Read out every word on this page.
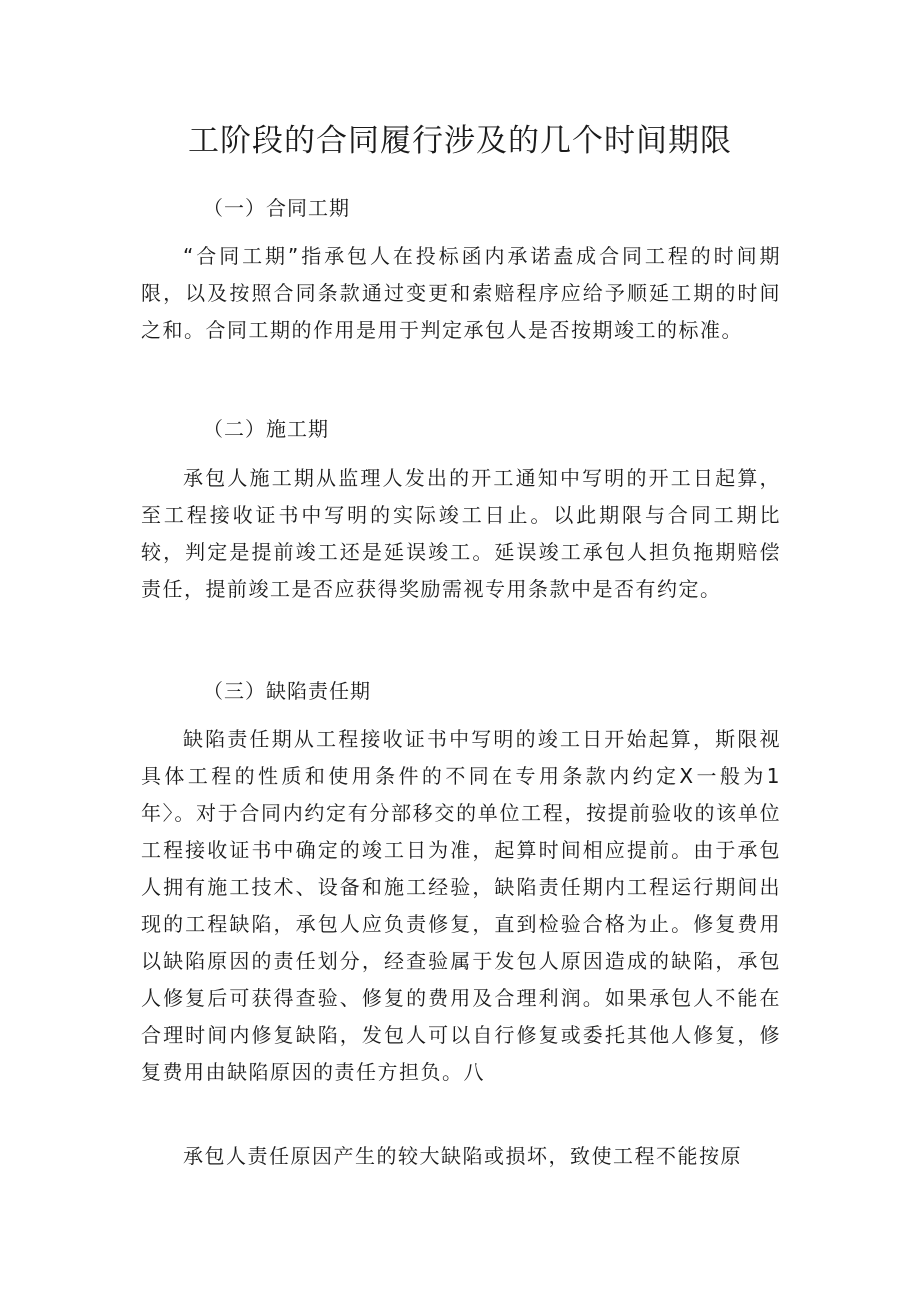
工阶段的合同履行涉及的几个时间期限

（一）合同工期

“合同工期”指承包人在投标函内承诺盍成合同工程的时间期限，以及按照合同条款通过变更和索赔程序应给予顺延工期的时间之和。合同工期的作用是用于判定承包人是否按期竣工的标准。

（二）施工期

承包人施工期从监理人发出的开工通知中写明的开工日起算，至工程接收证书中写明的实际竣工日止。以此期限与合同工期比较，判定是提前竣工还是延误竣工。延误竣工承包人担负拖期赔偿责任，提前竣工是否应获得奖励需视专用条款中是否有约定。

（三）缺陷责任期

缺陷责任期从工程接收证书中写明的竣工日开始起算，斯限视具体工程的性质和使用条件的不同在专用条款内约定X一般为1年〉。对于合同内约定有分部移交的单位工程，按提前验收的该单位工程接收证书中确定的竣工日为准，起算时间相应提前。由于承包人拥有施工技术、设备和施工经验，缺陷责任期内工程运行期间出现的工程缺陷，承包人应负责修复，直到检验合格为止。修复费用以缺陷原因的责任划分，经查验属于发包人原因造成的缺陷，承包人修复后可获得查验、修复的费用及合理利润。如果承包人不能在合理时间内修复缺陷，发包人可以自行修复或委托其他人修复，修复费用由缺陷原因的责任方担负。八

承包人责任原因产生的较大缺陷或损坏，致使工程不能按原
